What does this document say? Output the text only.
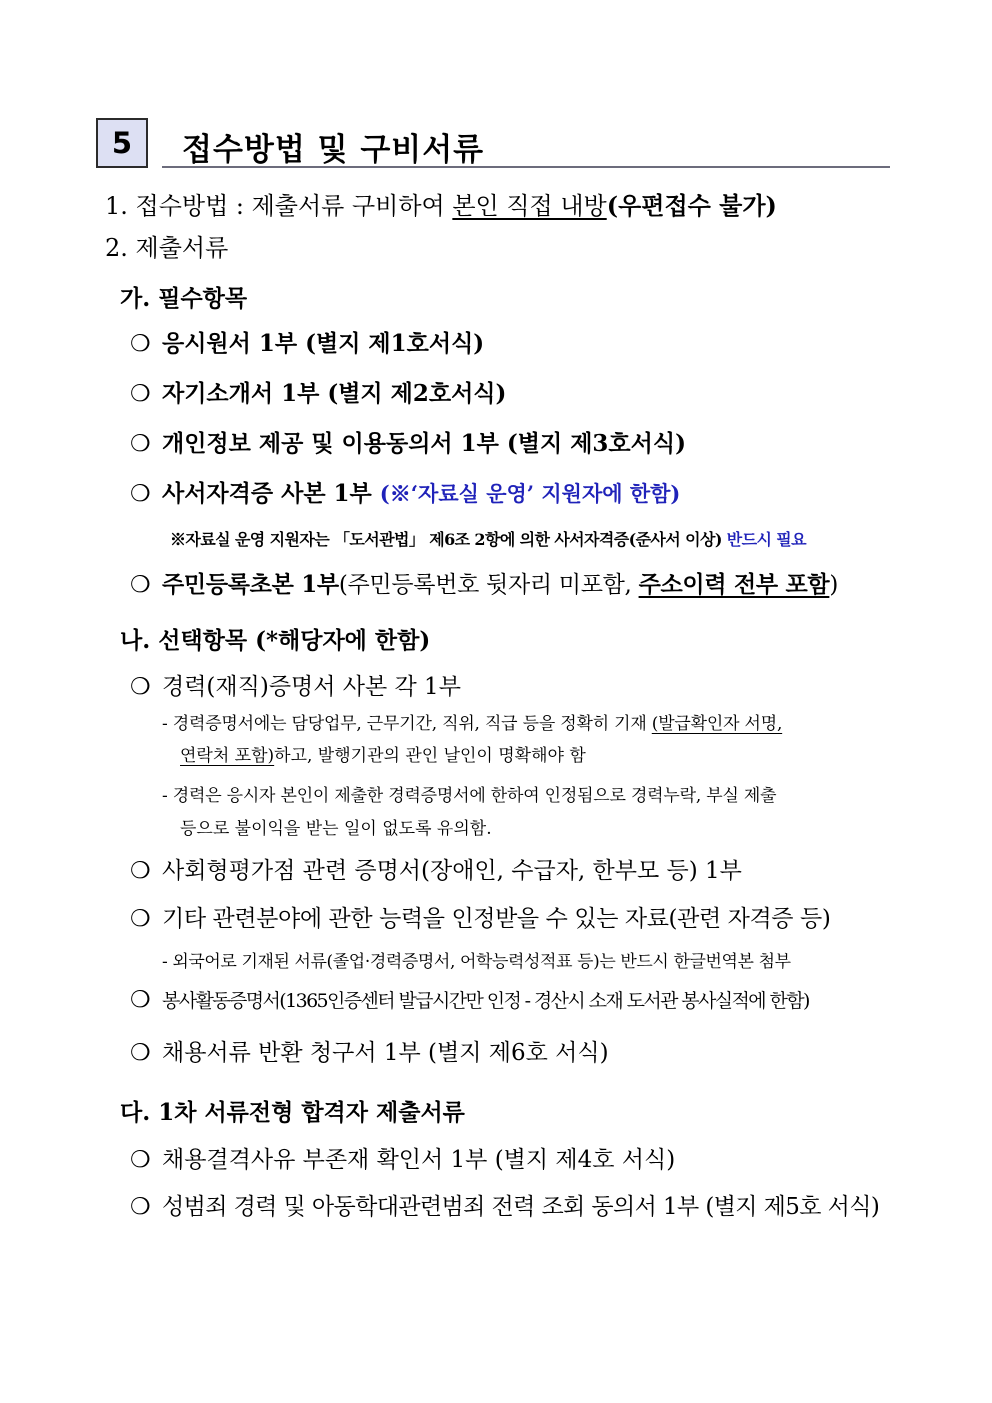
5 접수방법 및 구비서류
1. 접수방법 : 제출서류 구비하여 본인 직접 내방(우편접수 불가)
2. 제출서류
가. 필수항목
❍ 응시원서 1부 (별지 제1호서식)
❍ 자기소개서 1부 (별지 제2호서식)
❍ 개인정보 제공 및 이용동의서 1부 (별지 제3호서식)
❍ 사서자격증 사본 1부 (※‘자료실 운영’ 지원자에 한함)
※자료실 운영 지원자는 「도서관법」 제6조 2항에 의한 사서자격증(준사서 이상) 반드시 필요
❍ 주민등록초본 1부(주민등록번호 뒷자리 미포함, 주소이력 전부 포함)
나. 선택항목 (*해당자에 한함)
❍ 경력(재직)증명서 사본 각 1부
- 경력증명서에는 담당업무, 근무기간, 직위, 직급 등을 정확히 기재 (발급확인자 서명,
연락처 포함)하고, 발행기관의 관인 날인이 명확해야 함
- 경력은 응시자 본인이 제출한 경력증명서에 한하여 인정됨으로 경력누락, 부실 제출
등으로 불이익을 받는 일이 없도록 유의함.
❍ 사회형평가점 관련 증명서(장애인, 수급자, 한부모 등) 1부
❍ 기타 관련분야에 관한 능력을 인정받을 수 있는 자료(관련 자격증 등)
- 외국어로 기재된 서류(졸업·경력증명서, 어학능력성적표 등)는 반드시 한글번역본 첨부
❍ 봉사활동증명서(1365인증센터 발급시간만 인정 - 경산시 소재 도서관 봉사실적에 한함)
❍ 채용서류 반환 청구서 1부 (별지 제6호 서식)
다. 1차 서류전형 합격자 제출서류
❍ 채용결격사유 부존재 확인서 1부 (별지 제4호 서식)
❍ 성범죄 경력 및 아동학대관련범죄 전력 조회 동의서 1부 (별지 제5호 서식)
